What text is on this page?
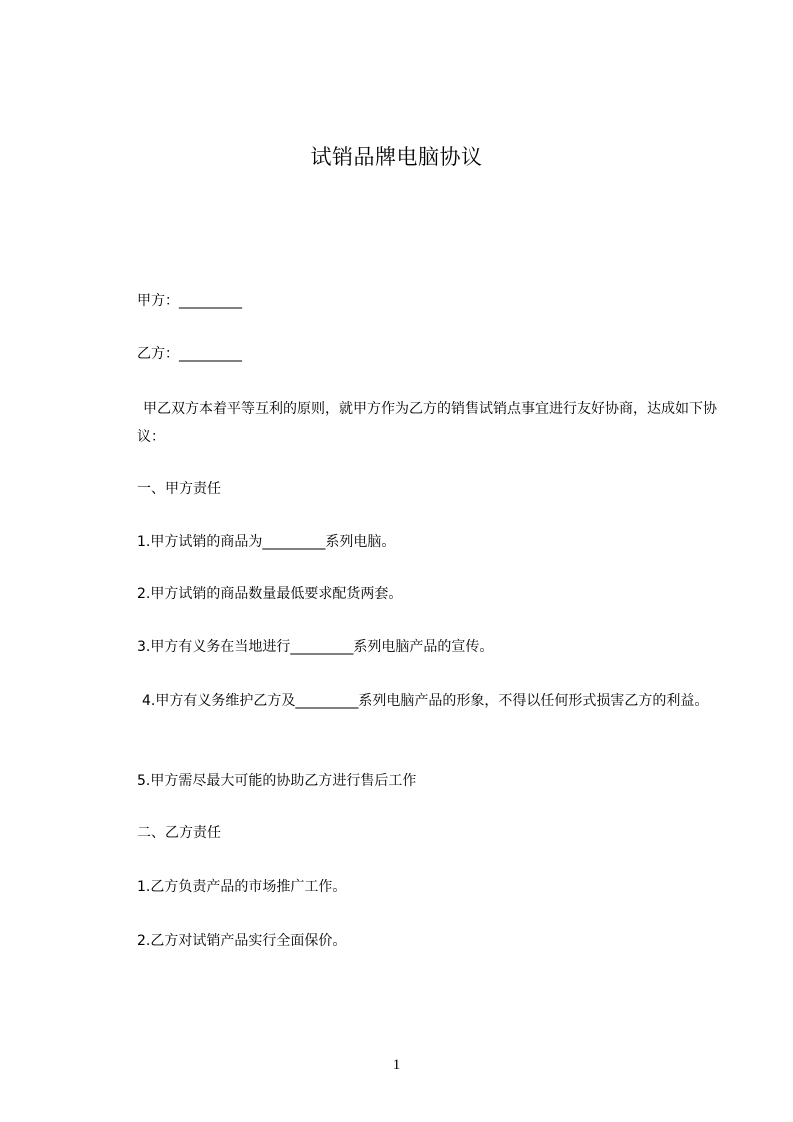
试销品牌电脑协议
甲方：_________
乙方：_________
甲乙双方本着平等互利的原则，就甲方作为乙方的销售试销点事宜进行友好协商，达成如下协议：
一、甲方责任
1.甲方试销的商品为_________系列电脑。
2.甲方试销的商品数量最低要求配货两套。
3.甲方有义务在当地进行_________系列电脑产品的宣传。
4.甲方有义务维护乙方及_________系列电脑产品的形象，不得以任何形式损害乙方的利益。
5.甲方需尽最大可能的协助乙方进行售后工作
二、乙方责任
1.乙方负责产品的市场推广工作。
2.乙方对试销产品实行全面保价。
1
